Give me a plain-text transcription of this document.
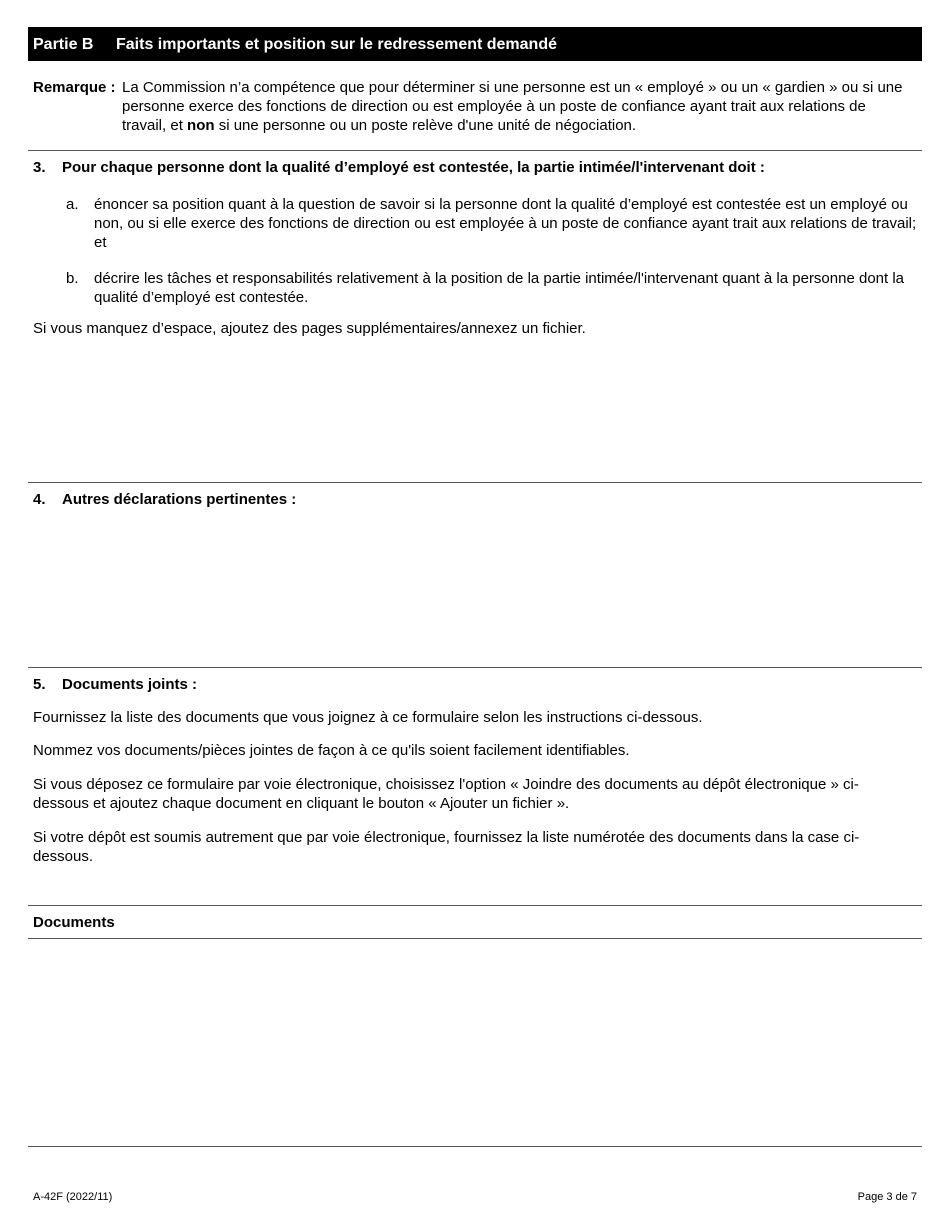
Partie B Faits importants et position sur le redressement demandé
Remarque : La Commission n’a compétence que pour déterminer si une personne est un « employé » ou un « gardien » ou si une personne exerce des fonctions de direction ou est employée à un poste de confiance ayant trait aux relations de travail, et non si une personne ou un poste relève d'une unité de négociation.
3. Pour chaque personne dont la qualité d’employé est contestée, la partie intimée/l'intervenant doit :
a. énoncer sa position quant à la question de savoir si la personne dont la qualité d’employé est contestée est un employé ou non, ou si elle exerce des fonctions de direction ou est employée à un poste de confiance ayant trait aux relations de travail; et
b. décrire les tâches et responsabilités relativement à la position de la partie intimée/l'intervenant quant à la personne dont la qualité d’employé est contestée.
Si vous manquez d’espace, ajoutez des pages supplémentaires/annexez un fichier.
4. Autres déclarations pertinentes :
5. Documents joints :
Fournissez la liste des documents que vous joignez à ce formulaire selon les instructions ci-dessous.
Nommez vos documents/pièces jointes de façon à ce qu'ils soient facilement identifiables.
Si vous déposez ce formulaire par voie électronique, choisissez l'option « Joindre des documents au dépôt électronique » ci-dessous et ajoutez chaque document en cliquant le bouton « Ajouter un fichier ».
Si votre dépôt est soumis autrement que par voie électronique, fournissez la liste numérotée des documents dans la case ci-dessous.
Documents
A-42F (2022/11)	Page 3 de 7
